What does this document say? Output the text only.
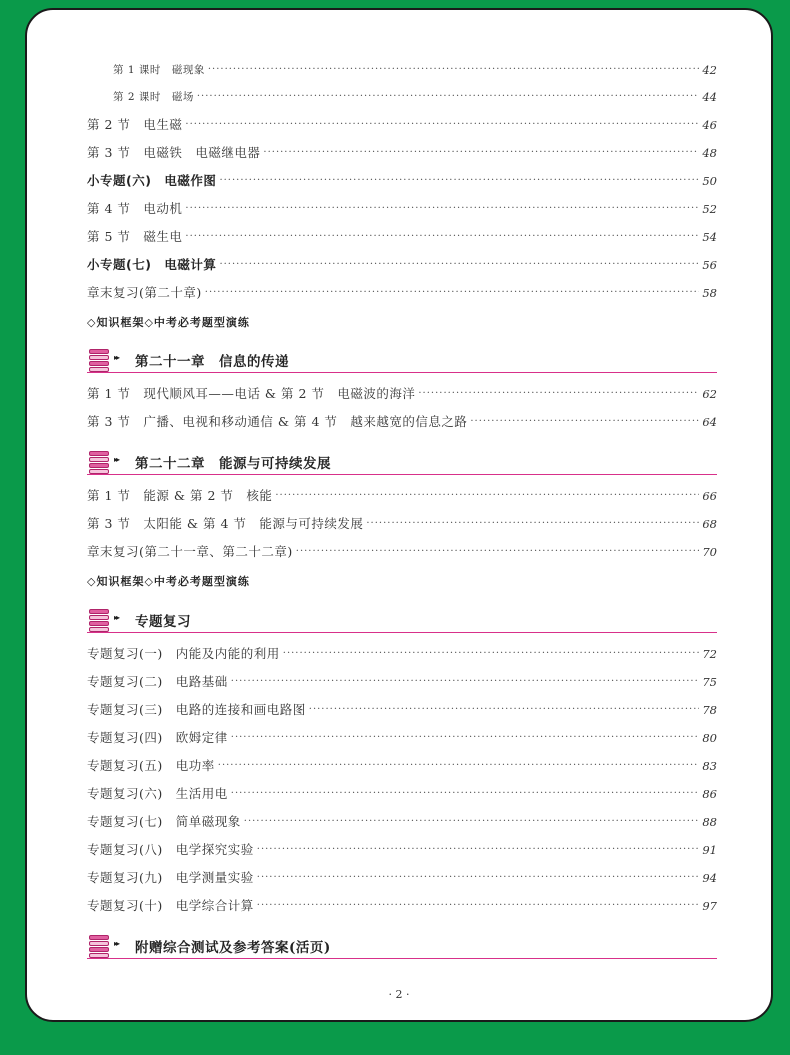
第 1 课时　磁现象 ·····	42
第 2 课时　磁场 ·····	44
第 2 节　电生磁 ·····	46
第 3 节　电磁铁　电磁继电器 ·····	48
小专题(六)　电磁作图 ·····	50
第 4 节　电动机 ·····	52
第 5 节　磁生电 ·····	54
小专题(七)　电磁计算 ·····	56
章末复习(第二十章) ·····	58
◇知识框架◇中考必考题型演练
▸▸ 第二十一章　信息的传递
第 1 节　现代顺风耳——电话 & 第 2 节　电磁波的海洋 ·····	62
第 3 节　广播、电视和移动通信 & 第 4 节　越来越宽的信息之路 ·····	64
▸▸ 第二十二章　能源与可持续发展
第 1 节　能源 & 第 2 节　核能 ·····	66
第 3 节　太阳能 & 第 4 节　能源与可持续发展 ·····	68
章末复习(第二十一章、第二十二章) ·····	70
◇知识框架◇中考必考题型演练
▸▸ 专题复习
专题复习(一)　内能及内能的利用 ·····	72
专题复习(二)　电路基础 ·····	75
专题复习(三)　电路的连接和画电路图 ·····	78
专题复习(四)　欧姆定律 ·····	80
专题复习(五)　电功率 ·····	83
专题复习(六)　生活用电 ·····	86
专题复习(七)　简单磁现象 ·····	88
专题复习(八)　电学探究实验 ·····	91
专题复习(九)　电学测量实验 ·····	94
专题复习(十)　电学综合计算 ·····	97
▸▸ 附赠综合测试及参考答案(活页)
· 2 ·
